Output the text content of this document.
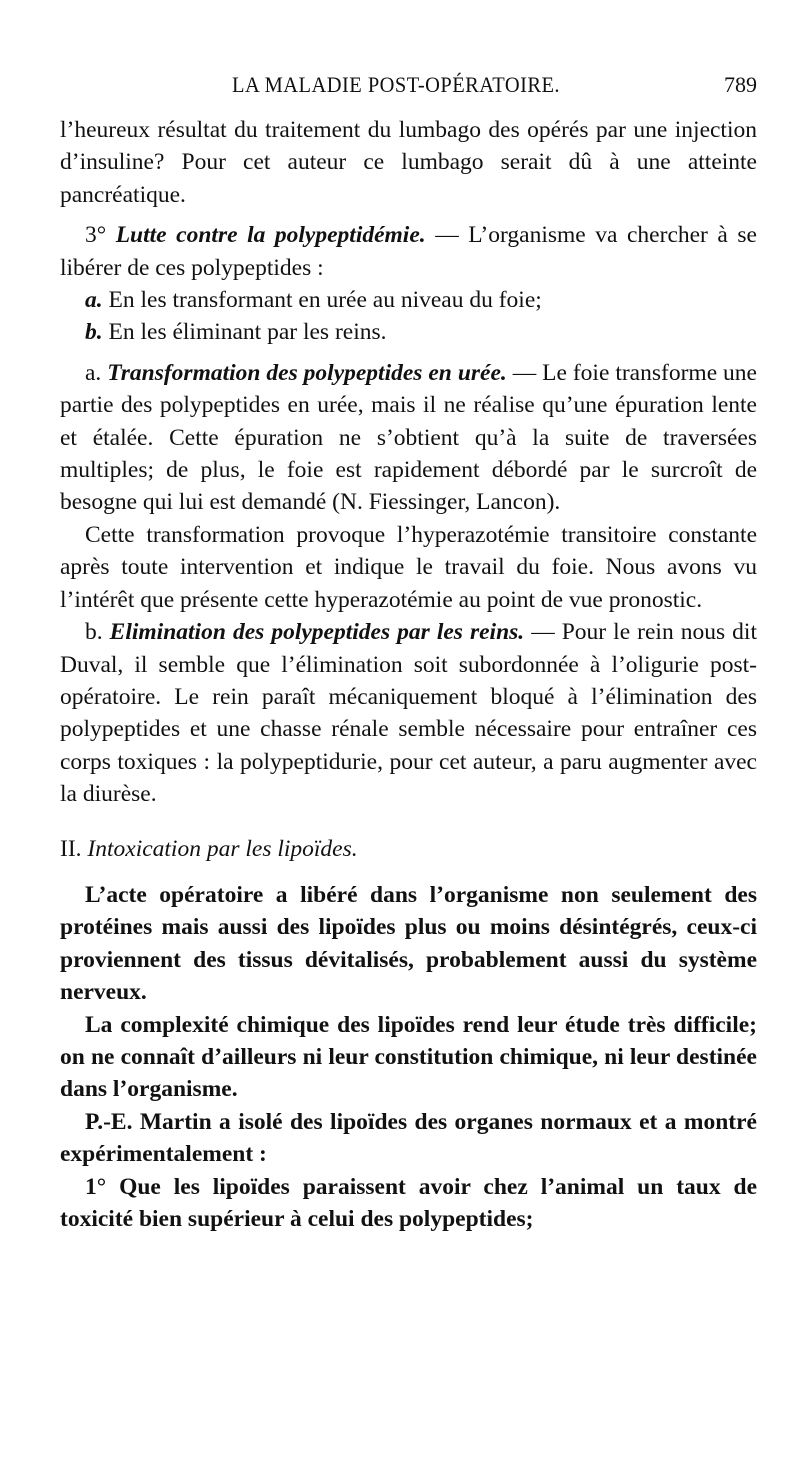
LA MALADIE POST-OPÉRATOIRE.	789

l’heureux résultat du traitement du lumbago des opérés par une injection d’insuline? Pour cet auteur ce lumbago serait dû à une atteinte pancréatique.

3° Lutte contre la polypeptidémie. — L’organisme va chercher à se libérer de ces polypeptides :

a. En les transformant en urée au niveau du foie;

b. En les éliminant par les reins.

a. Transformation des polypeptides en urée. — Le foie transforme une partie des polypeptides en urée, mais il ne réalise qu’une épuration lente et étalée. Cette épuration ne s’obtient qu’à la suite de traversées multiples; de plus, le foie est rapidement débordé par le surcroît de besogne qui lui est demandé (N. Fiessinger, Lancon).

Cette transformation provoque l’hyperazotémie transitoire constante après toute intervention et indique le travail du foie. Nous avons vu l’intérêt que présente cette hyperazotémie au point de vue pronostic.

b. Elimination des polypeptides par les reins. — Pour le rein nous dit Duval, il semble que l’élimination soit subordonnée à l’oligurie post-opératoire. Le rein paraît mécaniquement bloqué à l’élimination des polypeptides et une chasse rénale semble nécessaire pour entraîner ces corps toxiques : la polypeptidurie, pour cet auteur, a paru augmenter avec la diurèse.

II. Intoxication par les lipoïdes.

L’acte opératoire a libéré dans l’organisme non seulement des protéines mais aussi des lipoïdes plus ou moins désintégrés, ceux-ci proviennent des tissus dévitalisés, probablement aussi du système nerveux.

La complexité chimique des lipoïdes rend leur étude très difficile; on ne connaît d’ailleurs ni leur constitution chimique, ni leur destinée dans l’organisme.

P.-E. Martin a isolé des lipoïdes des organes normaux et a montré expérimentalement :

1° Que les lipoïdes paraissent avoir chez l’animal un taux de toxicité bien supérieur à celui des polypeptides;
